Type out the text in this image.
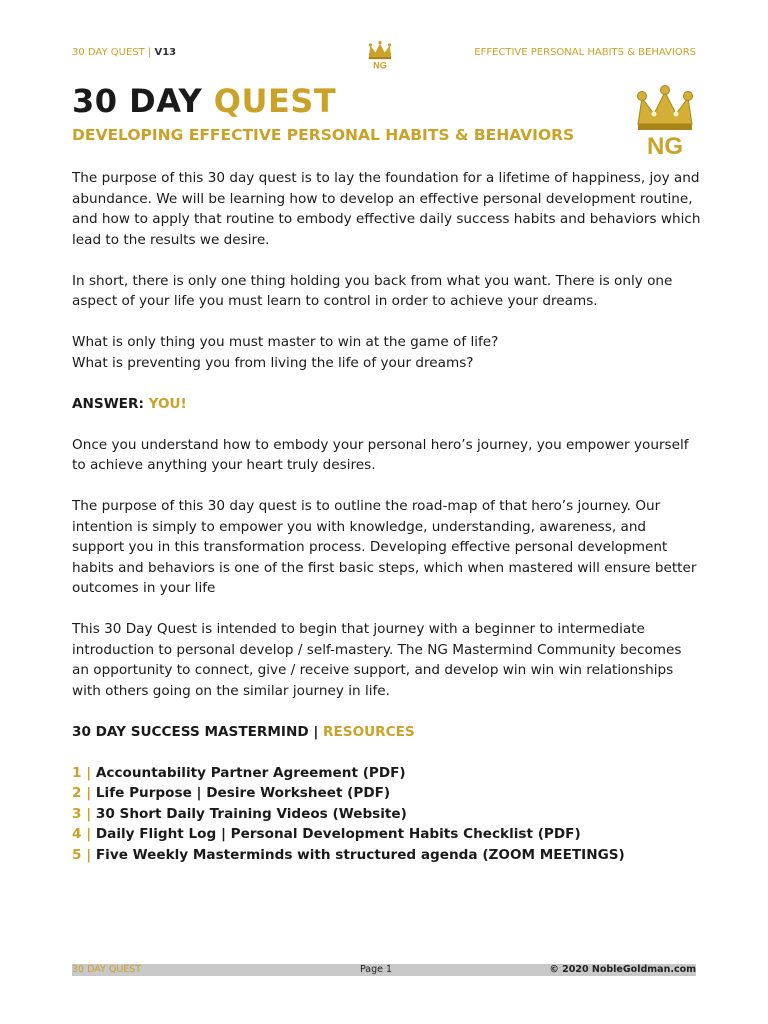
30 DAY QUEST | V13
NG
EFFECTIVE PERSONAL HABITS & BEHAVIORS
30 DAY QUEST
DEVELOPING EFFECTIVE PERSONAL HABITS & BEHAVIORS	NG

The purpose of this 30 day quest is to lay the foundation for a lifetime of happiness, joy and abundance. We will be learning how to develop an effective personal development routine, and how to apply that routine to embody effective daily success habits and behaviors which lead to the results we desire.

In short, there is only one thing holding you back from what you want. There is only one aspect of your life you must learn to control in order to achieve your dreams.

What is only thing you must master to win at the game of life?

What is preventing you from living the life of your dreams?

ANSWER: YOU!

Once you understand how to embody your personal hero’s journey, you empower yourself to achieve anything your heart truly desires.

The purpose of this 30 day quest is to outline the road-map of that hero’s journey. Our intention is simply to empower you with knowledge, understanding, awareness, and support you in this transformation process. Developing effective personal development habits and behaviors is one of the first basic steps, which when mastered will ensure better outcomes in your life

This 30 Day Quest is intended to begin that journey with a beginner to intermediate introduction to personal develop / self-mastery. The NG Mastermind Community becomes an opportunity to connect, give / receive support, and develop win win win relationships with others going on the similar journey in life.

30 DAY SUCCESS MASTERMIND | RESOURCES
1 | Accountability Partner Agreement (PDF)
2 | Life Purpose | Desire Worksheet (PDF)
3 | 30 Short Daily Training Videos (Website)
4 | Daily Flight Log | Personal Development Habits Checklist (PDF)
5 | Five Weekly Masterminds with structured agenda (ZOOM MEETINGS)
30 DAY QUEST	Page 1	© 2020 NobleGoldman.com
